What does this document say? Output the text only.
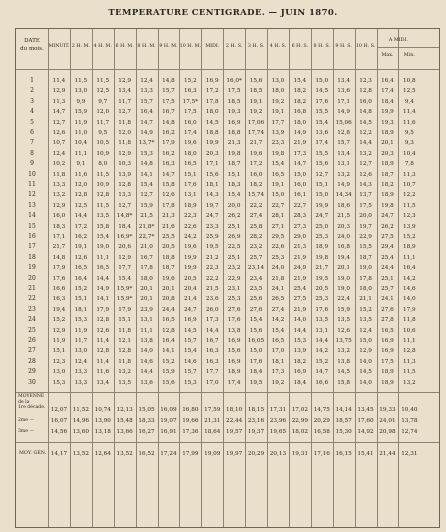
TEMPERATURE CENTIGRADE. — JUIN 1870.
DATE
du mois. MINUIT. 2 H. M. 4 H. M. 6 H. M. 8 H. M. 9 H. M. 10 H. M. MIDI.	2 H. S.	3 H. S.	4 H. S.	6 H. S.	8 H. S.	9 H. S. 10 H. S.
A MIDI.
Max.	Min.
1	11,4	11,5	11,5	12,9	12,4	14,8	15,2	16,9	16,0*	15,6	13,0	15,4	15,0	13,4	12,3	16,4	10,8
2	12,9	13,0	12,5	13,4	13,3	15,7	16,3	17,2	17,5	18,5	18,0	18,2	14,5	13,6	12,8	17,4	12,5
3	11,3	9,9	9,7	11,7	15,7	17,5	17,5*	17,8	18,5	19,1	19,2	18,2	17,6	17,1	16,0	18,4	9,4
4	14,7	15,9	12,0	12,7	16,4	16,7	17,5	18,0	19,3	19,2	19,1	16,8	15,5	14,9	14,8	19,9	11,4
5	12,7	11,9	11,7	11,8	14,7	14,8	16,0	14,5	16,9	17,06	17,7	18,0	15,4	15,06	14,5	19,3	11,6
6	12,6	11,0	9,5	12,0	14,9	16,2	17,4	18,8	18,8	17,74	13,9	14,9	13,6	12,8	12,2	18,9	9,5
7	10,7	10,4	10,5	11,8	13,7*	17,9	19,6	19,9	21,3	21,7	23,3	21,9	17,4	15,7	14,4	20,1	9,3
8	12,4	11,1	10,9	12,9	15,3	16,2	18,0	20,3	19,8	19,6	19,8	17,3	15,5	13,4	13,2	20,3	10,4
9	10,2	9,1	8,0	10,3	14,8	16,3	16,5	17,1	18,7	17,2	15,4	14,7	15,6	13,1	12,7	18,9	7,8
10	11,8	11,6	11,5	13,9	14,1	14,7	15,1	15,6	15,1	16,0	16,5	15,0	12,7	13,2	12,6	18,7	11,3
11	13,3	12,0	10,9	12,8	15,4	15,8	17,6	18,1	18,3	18,2	19,1	16,0	15,1	14,9	14,3	18,2	10,7
12	13,2	12,8	12,8	13,3	12,7	12,6	13,1	14,3	15,4	15,74	15,0	16,1	15,0	14,34	13,7	18,9	12,2
13	12,9	12,5	11,5	12,7	15,9	17,8	18,9	19,7	20,0	22,2	22,7	22,7	19,9	18,6	17,5	19,8	11,5
14	16,0	14,4	13,5	14,8*	21,5	21,3	22,3	24,7	26,2	27,4	28,1	28,3	24,7	21,5	20,0	24,7	12,3
15	18,3	17,2	15,8	18,4	21,8*	21,6	22,6	23,3	25,1	25,8	27,1	27,3	25,0	20,3	19,7	26,2	13,9
16	17,1	16,2	15,4	16,9*	22,7*	25,5	24,2	25,9	26,9	28,2	29,5	29,0	25,3	24,0	22,9	27,5	15,2
17	21,7	19,1	19,0	20,6	21,0	20,5	19,6	19,5	22,5	23,2	22,6	21,3	18,9	16,8	15,5	29,4	18,9
18	14,8	12,6	11,1	12,9	16,7	18,8	19,9	21,2	25,1	25,7	25,3	21,9	19,8	19,4	18,7	25,4	11,1
19	17,9	16,5	16,5	17,7	17,8	18,7	19,9	22,3	23,2	23,14	24,0	24,9	21,7	20,1	19,0	24,4	16,4
20	17,6	16,4	14,4	15,4	18,0	19,6	20,5	22,2	22,9	23,4	21,8	21,9	19,5	19,0	17,8	25,1	14,2
21	16,6	15,2	14,9	15,9*	20,1	20,1	20,4	21,5	23,1	23,5	24,1	25,4	20,5	19,0	18,0	25,7	14,6
22	16,3	15,1	14,1	15,9*	20,1	20,8	21,4	23,6	25,3	25,6	26,5	27,5	25,3	22,4	21,1	24,1	14,0
23	19,4	18,1	17,9	17,9	23,9	24,4	24,7	26,0	27,6	27,6	27,4	21,9	17,6	15,9	15,2	27,6	17,9
24	15,2	15,3	12,8	15,1	13,1	16,5	16,9	17,3	17,6	15,4	14,2	14,0	13,5	13,5	13,5	27,8	11,8
25	12,9	11,9	12,6	11,8	11,1	12,8	14,5	14,4	13,8	15,6	15,4	14,4	13,1	12,6	12,4	16,5	10,6
26	11,9	11,7	11,4	12,1	13,8	16,4	15,7	16,7	16,9	16,05	16,5	15,3	14,4	13,75	15,0	16,9	11,1
27	15,1	13,0	12,8	12,8	14,0	14,1	15,4	16,3	15,6	15,0	17,0	13,9	14,2	13,2	12,9	16,9	12,8
28	12,3	12,4	11,4	11,8	14,6	15,2	14,6	16,3	16,9	17,6	18,1	18,2	15,2	13,8	14,0	17,5	11,3
29	13,0	13,3	11,6	13,2	14,4	15,9	15,7	17,7	18,9	18,4	17,3	16,9	14,7	14,5	14,5	18,9	11,5
30	15,3	13,3	13,4	13,5	13,6	15,6	15,3	17,0	17,4	19,5	19,2	18,4	16,6	15,8	14,0	18,9	13,2
MOYENNE
de la
1re décade. 12,07 11,52 10,74 12,13 15,05 16,09 16,80 17,59 18,10 18,15 17,31 17,02 14,75 14,14 13,45 19,33 10,40
2me —	16,07 14,96 13,90 15,48 18,33 19,07 19,66 21,31 22,44 23,16 23,96 22,99 20,29 18,57 17,60 24,01 13,78
3me —	14,56 13,60 13,18 13,66 16,27 16,91 17,36 18,64 19,57 19,37 19,65 18,02 16,58 15,30 14,92 20,98 12,74
MOY. GÉN. 14,17 13,52 12,64 13,52 16,52 17,24 17,99 19,09 19,97 20,29 20,13 19,31 17,16 16,15 15,41 21,44 12,31
